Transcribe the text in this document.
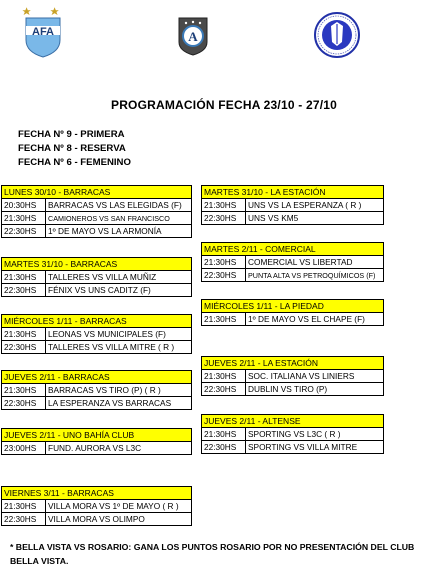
AFA	A
PROGRAMACIÓN FECHA 23/10 - 27/10
FECHA Nº 9 - PRIMERA
FECHA Nº 8 - RESERVA
FECHA Nº 6 - FEMENINO
LUNES 30/10 - BARRACAS	
20:30HS	BARRACAS VS LAS ELEGIDAS (F)
21:30HS	CAMIONEROS VS SAN FRANCISCO
22:30HS	1º DE MAYO VS LA ARMONÍA
MARTES 31/10 - BARRACAS	
21:30HS	TALLERES VS VILLA MUÑIZ
22:30HS	FÉNIX VS UNS CADITZ (F)
MIÉRCOLES 1/11 - BARRACAS	
21:30HS	LEONAS VS MUNICIPALES (F)
22:30HS	TALLERES VS VILLA MITRE ( R )
JUEVES 2/11 - BARRACAS	
21:30HS	BARRACAS VS TIRO (P) ( R )
22:30HS	LA ESPERANZA VS BARRACAS
JUEVES 2/11 - UNO BAHÍA CLUB
23:00HS	FUND. AURORA VS L3C
VIERNES 3/11 - BARRACAS	
21:30HS	VILLA MORA VS 1º DE MAYO ( R )
22:30HS	VILLA MORA VS OLIMPO
MARTES 31/10 - LA ESTACIÓN	
21:30HS	UNS VS LA ESPERANZA ( R )
22:30HS	UNS VS KM5
MARTES 2/11 - COMERCIAL	
21:30HS	COMERCIAL VS LIBERTAD
22:30HS	PUNTA ALTA VS PETROQUÍMICOS (F)
MIÉRCOLES 1/11 - LA PIEDAD
21:30HS	1º DE MAYO VS EL CHAPE (F)
JUEVES 2/11 - LA ESTACIÓN	
21:30HS	SOC. ITALIANA VS LINIERS
22:30HS	DUBLIN VS TIRO (P)
JUEVES 2/11 - ALTENSE	
21:30HS	SPORTING VS L3C ( R )
22:30HS	SPORTING VS VILLA MITRE
* BELLA VISTA VS ROSARIO: GANA LOS PUNTOS ROSARIO POR NO PRESENTACIÓN DEL CLUB BELLA VISTA.
